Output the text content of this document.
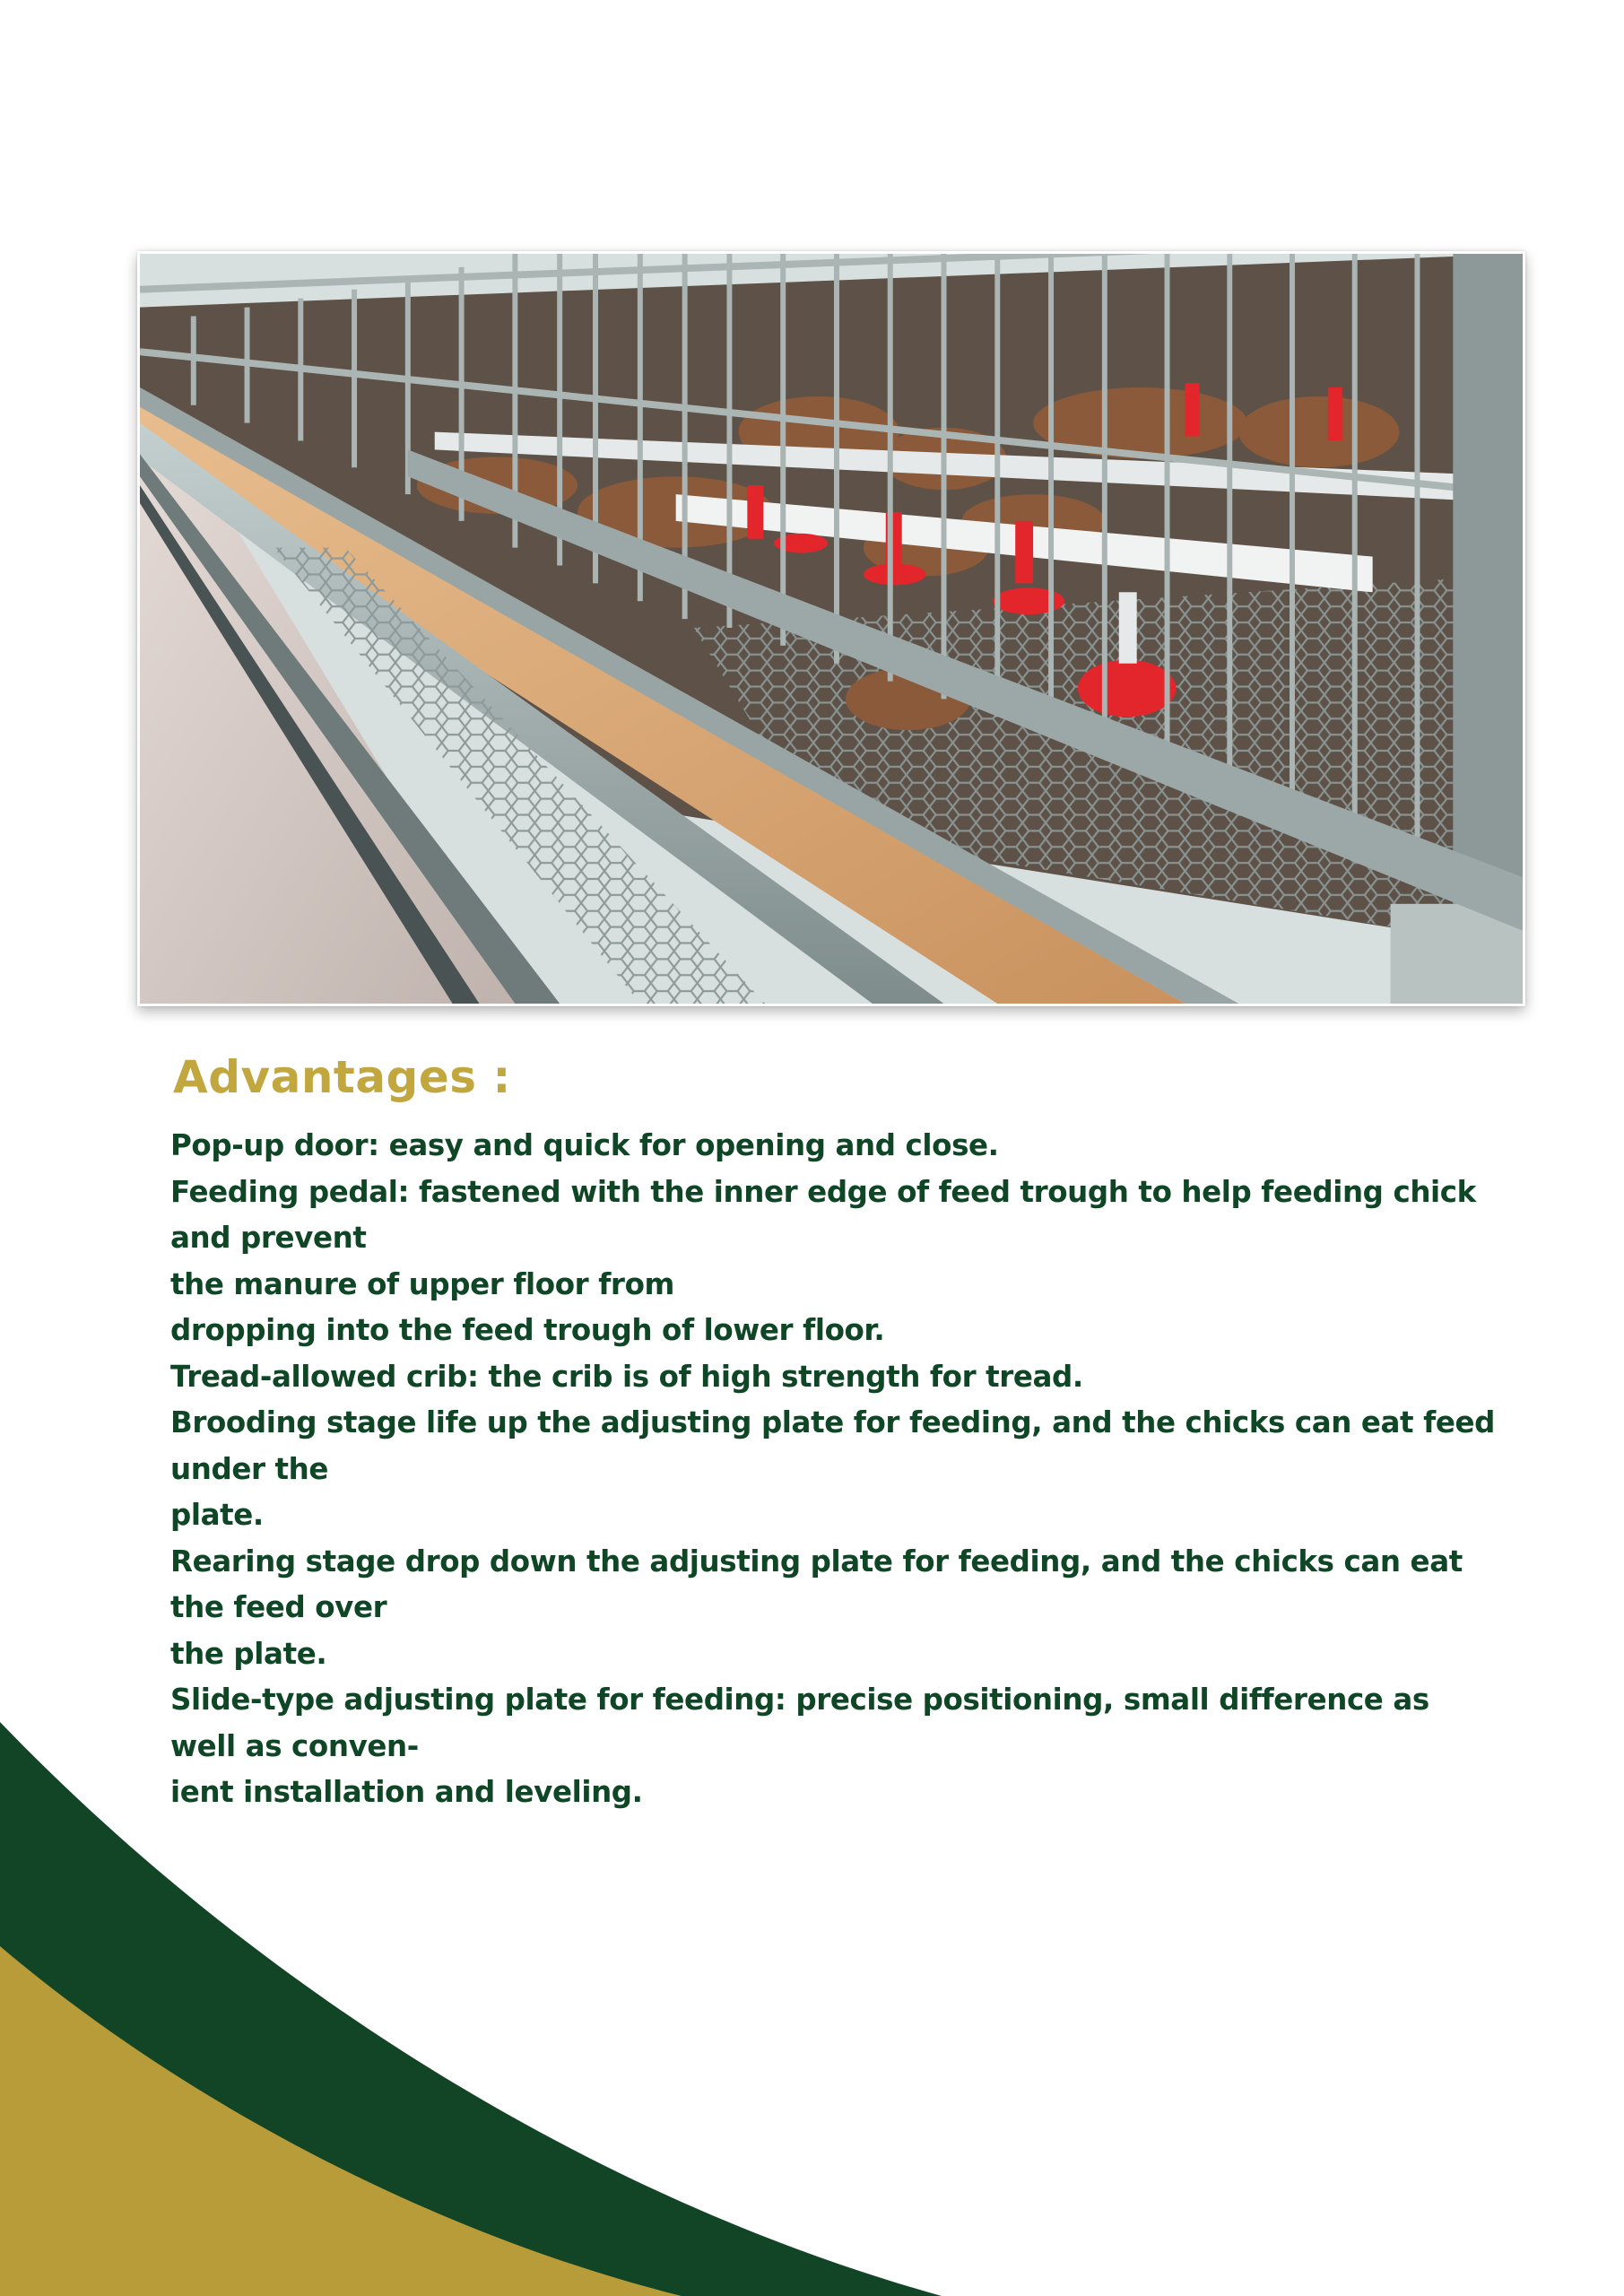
Advantages :
Pop-up door: easy and quick for opening and close.
Feeding pedal: fastened with the inner edge of feed trough to help feeding chick and prevent
the manure of upper floor from
dropping into the feed trough of lower floor.
Tread-allowed crib: the crib is of high strength for tread.
Brooding stage life up the adjusting plate for feeding, and the chicks can eat feed under the
plate.
Rearing stage drop down the adjusting plate for feeding, and the chicks can eat the feed over
the plate.
Slide-type adjusting plate for feeding: precise positioning, small difference as well as conven-
ient installation and leveling.
